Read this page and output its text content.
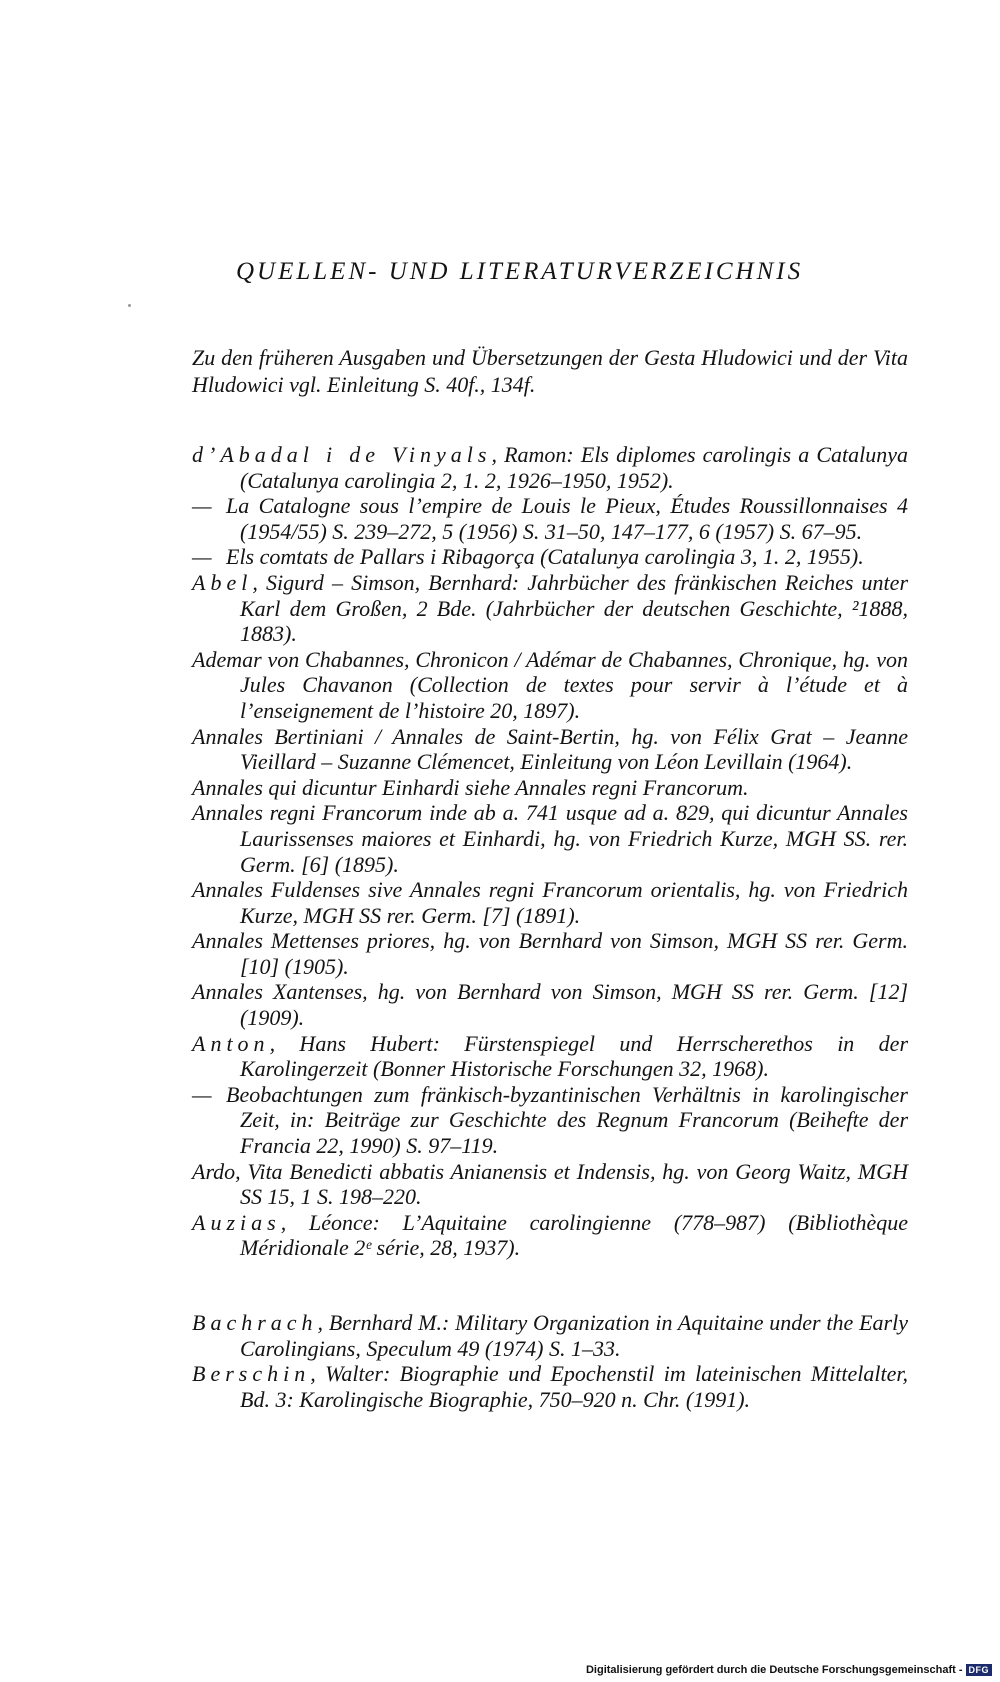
QUELLEN- UND LITERATURVERZEICHNIS

Zu den früheren Ausgaben und Übersetzungen der Gesta Hludowici und der Vita Hludowici vgl. Einleitung S. 40f., 134f.

d’Abadal i de Vinyals, Ramon: Els diplomes carolingis a Catalunya (Catalunya carolingia 2, 1. 2, 1926–1950, 1952).

— La Catalogne sous l’empire de Louis le Pieux, Études Roussillonnaises 4 (1954/55) S. 239–272, 5 (1956) S. 31–50, 147–177, 6 (1957) S. 67–95.

— Els comtats de Pallars i Ribagorça (Catalunya carolingia 3, 1. 2, 1955).

Abel, Sigurd – Simson, Bernhard: Jahrbücher des fränkischen Reiches unter Karl dem Großen, 2 Bde. (Jahrbücher der deutschen Geschichte, ²1888, 1883).

Ademar von Chabannes, Chronicon / Adémar de Chabannes, Chronique, hg. von Jules Chavanon (Collection de textes pour servir à l’étude et à l’enseignement de l’histoire 20, 1897).

Annales Bertiniani / Annales de Saint-Bertin, hg. von Félix Grat – Jeanne Vieillard – Suzanne Clémencet, Einleitung von Léon Levillain (1964).

Annales qui dicuntur Einhardi siehe Annales regni Francorum.

Annales regni Francorum inde ab a. 741 usque ad a. 829, qui dicuntur Annales Laurissenses maiores et Einhardi, hg. von Friedrich Kurze, MGH SS. rer. Germ. [6] (1895).

Annales Fuldenses sive Annales regni Francorum orientalis, hg. von Friedrich Kurze, MGH SS rer. Germ. [7] (1891).

Annales Mettenses priores, hg. von Bernhard von Simson, MGH SS rer. Germ. [10] (1905).

Annales Xantenses, hg. von Bernhard von Simson, MGH SS rer. Germ. [12] (1909).

Anton, Hans Hubert: Fürstenspiegel und Herrscherethos in der Karolingerzeit (Bonner Historische Forschungen 32, 1968).

— Beobachtungen zum fränkisch-byzantinischen Verhältnis in karolingischer Zeit, in: Beiträge zur Geschichte des Regnum Francorum (Beihefte der Francia 22, 1990) S. 97–119.

Ardo, Vita Benedicti abbatis Anianensis et Indensis, hg. von Georg Waitz, MGH SS 15, 1 S. 198–220.

Auzias, Léonce: L’Aquitaine carolingienne (778–987) (Bibliothèque Méridionale 2ᵉ série, 28, 1937).

Bachrach, Bernhard M.: Military Organization in Aquitaine under the Early Carolingians, Speculum 49 (1974) S. 1–33.

Berschin, Walter: Biographie und Epochenstil im lateinischen Mittelalter, Bd. 3: Karolingische Biographie, 750–920 n. Chr. (1991).

Digitalisierung gefördert durch die Deutsche Forschungsgemeinschaft - DFG
